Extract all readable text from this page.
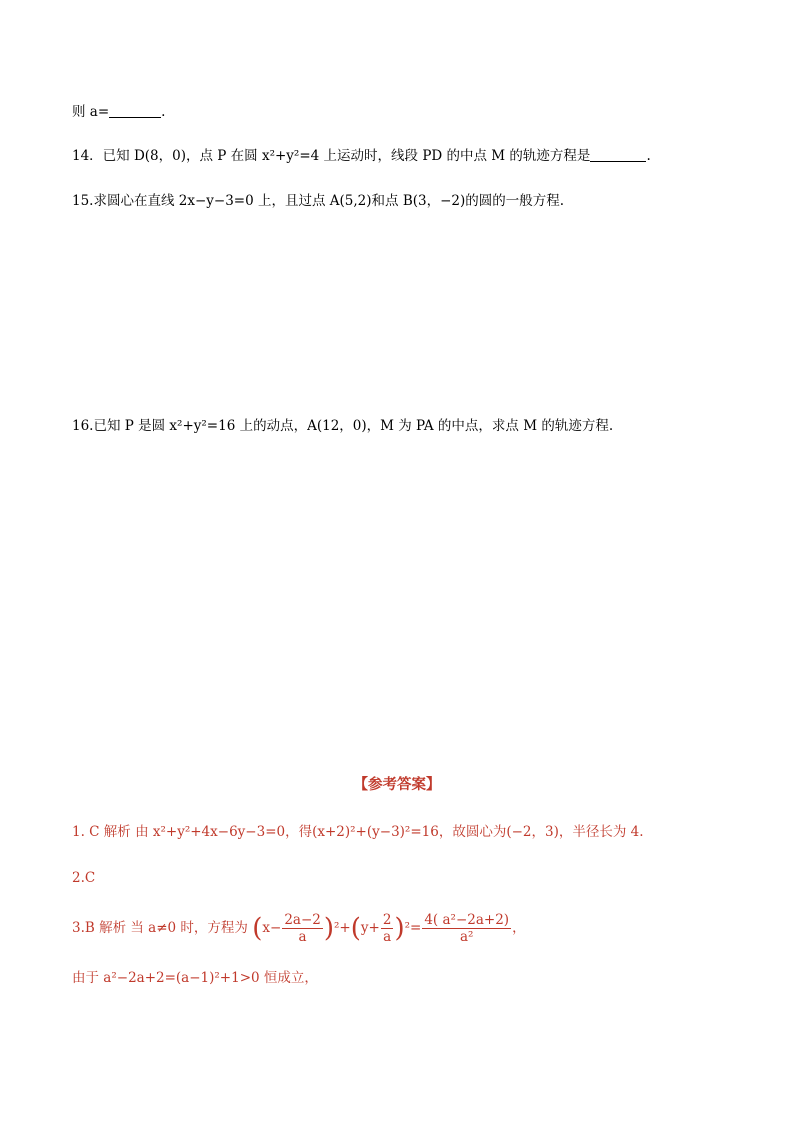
则 a=	.
14．已知 D(8，0)，点 P 在圆 x²+y²=4 上运动时，线段 PD 的中点 M 的轨迹方程是	.
15.求圆心在直线 2x−y−3=0 上，且过点 A(5,2)和点 B(3，−2)的圆的一般方程.
16.已知 P 是圆 x²+y²=16 上的动点，A(12，0)，M 为 PA 的中点，求点 M 的轨迹方程.
【参考答案】
1. C 解析 由 x²+y²+4x−6y−3=0，得(x+2)²+(y−3)²=16，故圆心为(−2，3)，半径长为 4.
2.C
3.B 解析 当 a≠0 时，方程为 $(x- \frac{2a-2}{a} )^2+(y+ \frac{2}{a} )^2= \frac{\text{4( a²−2a+2)}}{\text{a²}}$ ，
由于 a²−2a+2=(a−1)²+1>0 恒成立，
